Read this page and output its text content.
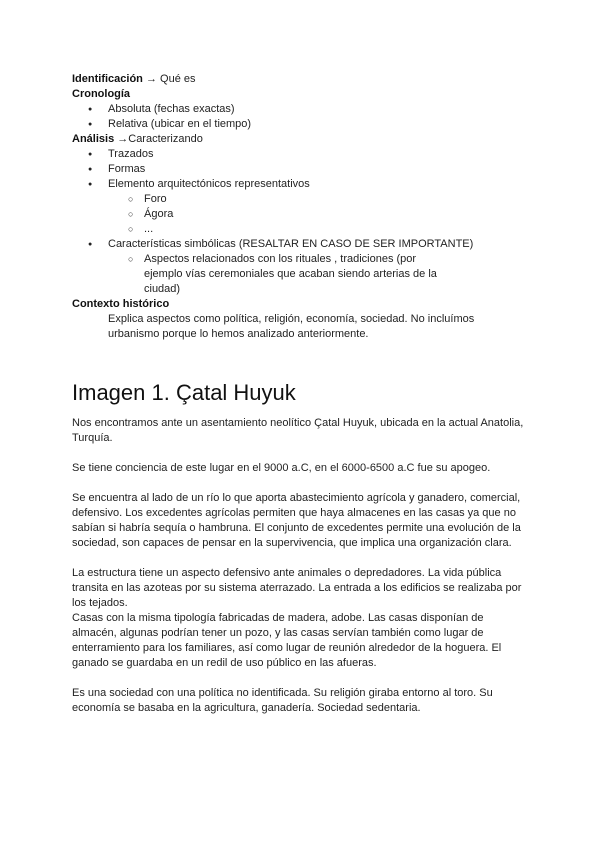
Identificación → Qué es
Cronología
● Absoluta (fechas exactas)
● Relativa (ubicar en el tiempo)
Análisis →Caracterizando
● Trazados
● Formas
● Elemento arquitectónicos representativos
○ Foro
○ Ágora
○ ...
● Características simbólicas (RESALTAR EN CASO DE SER IMPORTANTE)
○ Aspectos relacionados con los rituales , tradiciones (por ejemplo vías ceremoniales que acaban siendo arterias de la ciudad)
Contexto histórico
Explica aspectos como política, religión, economía, sociedad. No incluímos urbanismo porque lo hemos analizado anteriormente.
Imagen 1. Çatal Huyuk

Nos encontramos ante un asentamiento neolítico Çatal Huyuk, ubicada en la actual Anatolia, Turquía.

Se tiene conciencia de este lugar en el 9000 a.C, en el 6000-6500 a.C fue su apogeo.

Se encuentra al lado de un río lo que aporta abastecimiento agrícola y ganadero, comercial, defensivo. Los excedentes agrícolas permiten que haya almacenes en las casas ya que no sabían si habría sequía o hambruna. El conjunto de excedentes permite una evolución de la sociedad, son capaces de pensar en la supervivencia, que implica una organización clara.

La estructura tiene un aspecto defensivo ante animales o depredadores. La vida pública transita en las azoteas por su sistema aterrazado. La entrada a los edificios se realizaba por los tejados.

Casas con la misma tipología fabricadas de madera, adobe. Las casas disponían de almacén, algunas podrían tener un pozo, y las casas servían también como lugar de enterramiento para los familiares, así como lugar de reunión alrededor de la hoguera. El ganado se guardaba en un redil de uso público en las afueras.

Es una sociedad con una política no identificada. Su religión giraba entorno al toro. Su economía se basaba en la agricultura, ganadería. Sociedad sedentaria.
